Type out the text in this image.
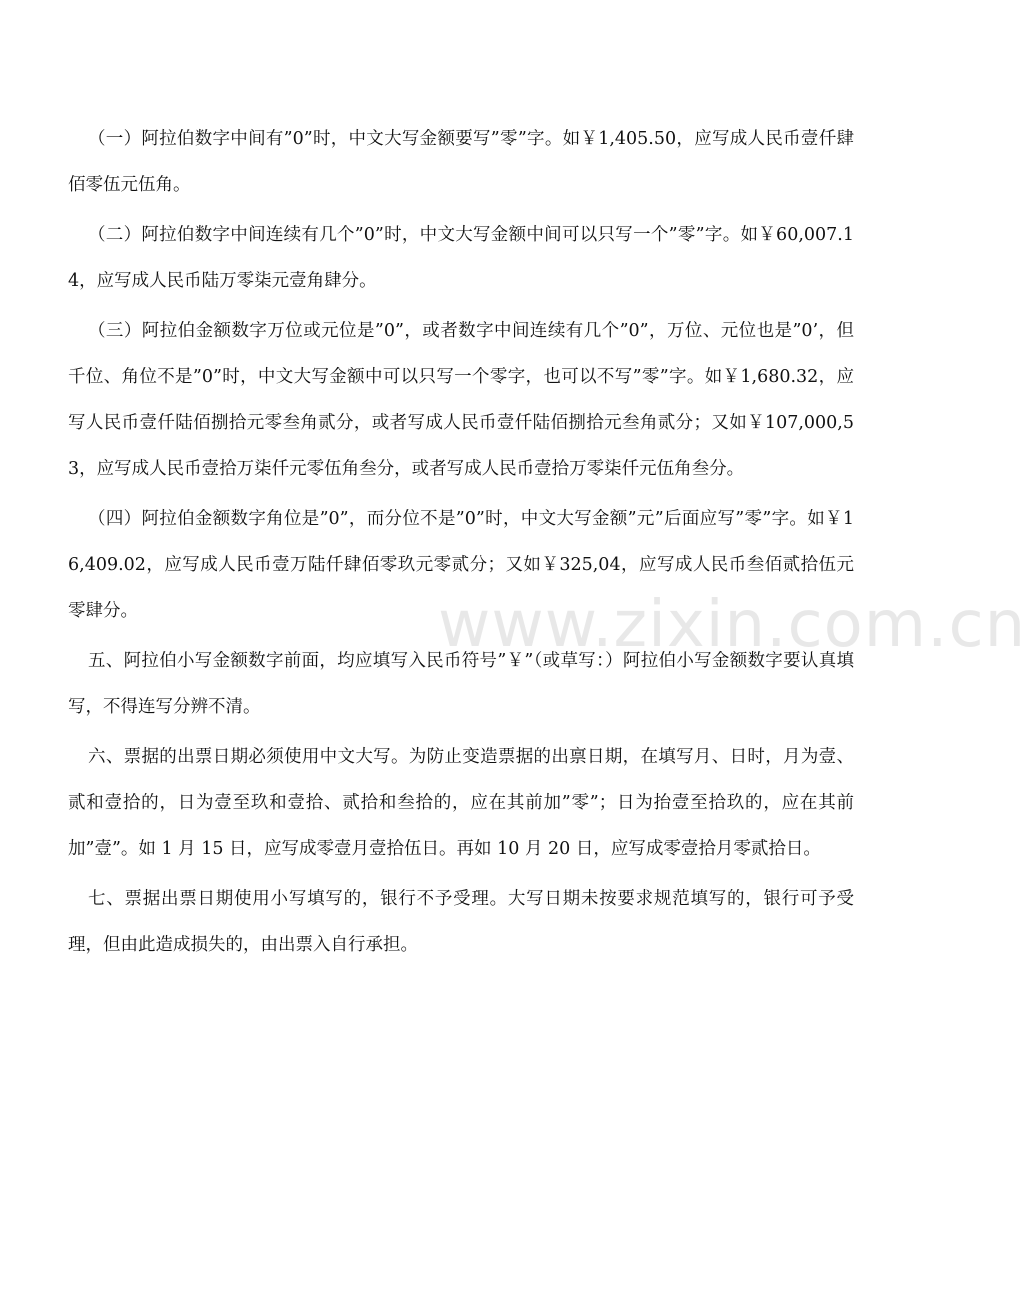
（一）阿拉伯数字中间有”0”时，中文大写金额要写”零”字。如￥1,405.50，应写成人民币壹仟肆佰零伍元伍角。

（二）阿拉伯数字中间连续有几个”0”时，中文大写金额中间可以只写一个”零”字。如￥60,007.14，应写成人民币陆万零柒元壹角肆分。

（三）阿拉伯金额数字万位或元位是”0”，或者数字中间连续有几个”0”，万位、元位也是”0’，但千位、角位不是”0”时，中文大写金额中可以只写一个零字，也可以不写”零”字。如￥1,680.32，应写人民币壹仟陆佰捌拾元零叁角贰分，或者写成人民币壹仟陆佰捌拾元叁角贰分；又如￥107,000,53，应写成人民币壹拾万柒仟元零伍角叁分，或者写成人民币壹拾万零柒仟元伍角叁分。

（四）阿拉伯金额数字角位是”0”，而分位不是”0”时，中文大写金额”元”后面应写”零”字。如￥16,409.02，应写成人民币壹万陆仟肆佰零玖元零贰分；又如￥325,04，应写成人民币叁佰贰拾伍元零肆分。

五、阿拉伯小写金额数字前面，均应填写入民币符号”￥”（或草写：）阿拉伯小写金额数字要认真填写，不得连写分辨不清。

六、票据的出票日期必须使用中文大写。为防止变造票据的出禀日期，在填写月、日时，月为壹、贰和壹拾的，日为壹至玖和壹拾、贰拾和叁拾的，应在其前加”零”；日为抬壹至拾玖的，应在其前加”壹”。如 1 月 15 日，应写成零壹月壹拾伍日。再如 10 月 20 日，应写成零壹拾月零贰拾日。

七、票据出票日期使用小写填写的，银行不予受理。大写日期未按要求规范填写的，银行可予受理，但由此造成损失的，由出票入自行承担。

www.zixin.com.cn
